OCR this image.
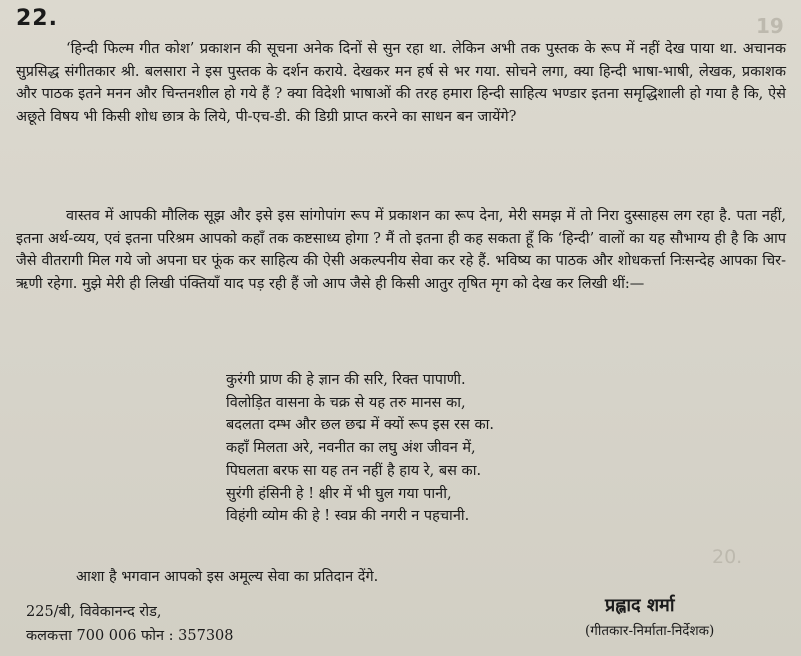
19
20.
22.

‘हिन्दी फिल्म गीत कोश’ प्रकाशन की सूचना अनेक दिनों से सुन रहा था. लेकिन अभी तक पुस्तक के रूप में नहीं देख पाया था. अचानक सुप्रसिद्ध संगीतकार श्री. बलसारा ने इस पुस्तक के दर्शन कराये. देखकर मन हर्ष से भर गया. सोचने लगा, क्या हिन्दी भाषा-भाषी, लेखक, प्रकाशक और पाठक इतने मनन और चिन्तनशील हो गये हैं ? क्या विदेशी भाषाओं की तरह हमारा हिन्दी साहित्य भण्डार इतना समृद्धिशाली हो गया है कि, ऐसे अछूते विषय भी किसी शोध छात्र के लिये, पी-एच-डी. की डिग्री प्राप्त करने का साधन बन जायेंगे?

वास्तव में आपकी मौलिक सूझ और इसे इस सांगोपांग रूप में प्रकाशन का रूप देना, मेरी समझ में तो निरा दुस्साहस लग रहा है. पता नहीं, इतना अर्थ-व्यय, एवं इतना परिश्रम आपको कहाँ तक कष्टसाध्य होगा ? मैं तो इतना ही कह सकता हूँ कि ‘हिन्दी’ वालों का यह सौभाग्य ही है कि आप जैसे वीतरागी मिल गये जो अपना घर फूंक कर साहित्य की ऐसी अकल्पनीय सेवा कर रहे हैं. भविष्य का पाठक और शोधकर्त्ता निःसन्देह आपका चिर-ऋणी रहेगा. मुझे मेरी ही लिखी पंक्तियाँ याद पड़ रही हैं जो आप जैसे ही किसी आतुर तृषित मृग को देख कर लिखी थीं:—

कुरंगी प्राण की हे ज्ञान की सरि, रिक्त पापाणी.
विलोड़ित वासना के चक्र से यह तरु मानस का,
बदलता दम्भ और छल छद्म में क्यों रूप इस रस का.
कहाँ मिलता अरे, नवनीत का लघु अंश जीवन में,
पिघलता बरफ सा यह तन नहीं है हाय रे, बस का.
सुरंगी हंसिनी हे ! क्षीर में भी घुल गया पानी,
विहंगी व्योम की हे ! स्वप्न की नगरी न पहचानी.
आशा है भगवान आपको इस अमूल्य सेवा का प्रतिदान देंगे.
225/बी, विवेकानन्द रोड,
कलकत्ता 700 006 फोन : 357308
प्रह्लाद शर्मा
(गीतकार-निर्माता-निर्देशक)
